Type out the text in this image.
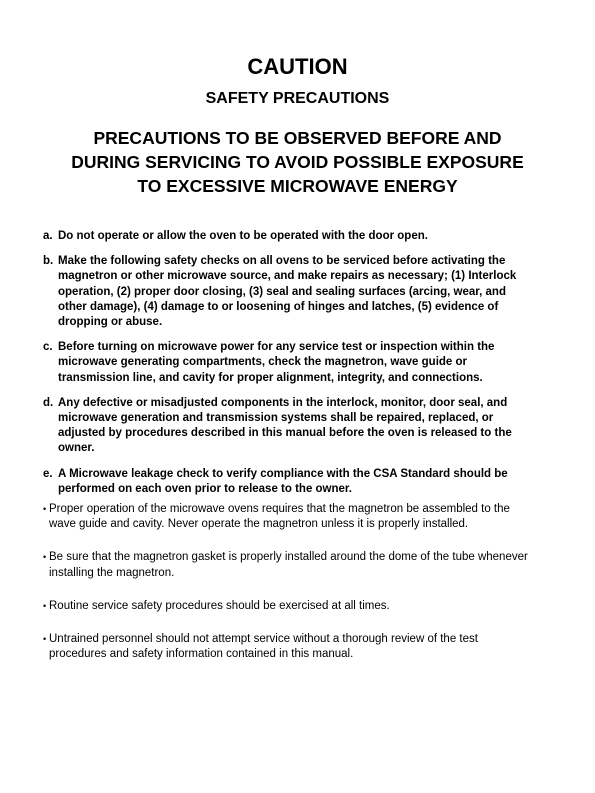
CAUTION
SAFETY PRECAUTIONS
PRECAUTIONS TO BE OBSERVED BEFORE AND
DURING SERVICING TO AVOID POSSIBLE EXPOSURE
TO EXCESSIVE MICROWAVE ENERGY
a. Do not operate or allow the oven to be operated with the door open.
b. Make the following safety checks on all ovens to be serviced before activating the
magnetron or other microwave source, and make repairs as necessary; (1) Interlock
operation, (2) proper door closing, (3) seal and sealing surfaces (arcing, wear, and
other damage), (4) damage to or loosening of hinges and latches, (5) evidence of
dropping or abuse.
c. Before turning on microwave power for any service test or inspection within the
microwave generating compartments, check the magnetron, wave guide or
transmission line, and cavity for proper alignment, integrity, and connections.
d. Any defective or misadjusted components in the interlock, monitor, door seal, and
microwave generation and transmission systems shall be repaired, replaced, or
adjusted by procedures described in this manual before the oven is released to the
owner.
e. A Microwave leakage check to verify compliance with the CSA Standard should be
performed on each oven prior to release to the owner.
• Proper operation of the microwave ovens requires that the magnetron be assembled to the
wave guide and cavity. Never operate the magnetron unless it is properly installed.
• Be sure that the magnetron gasket is properly installed around the dome of the tube whenever
installing the magnetron.
• Routine service safety procedures should be exercised at all times.
• Untrained personnel should not attempt service without a thorough review of the test
procedures and safety information contained in this manual.
